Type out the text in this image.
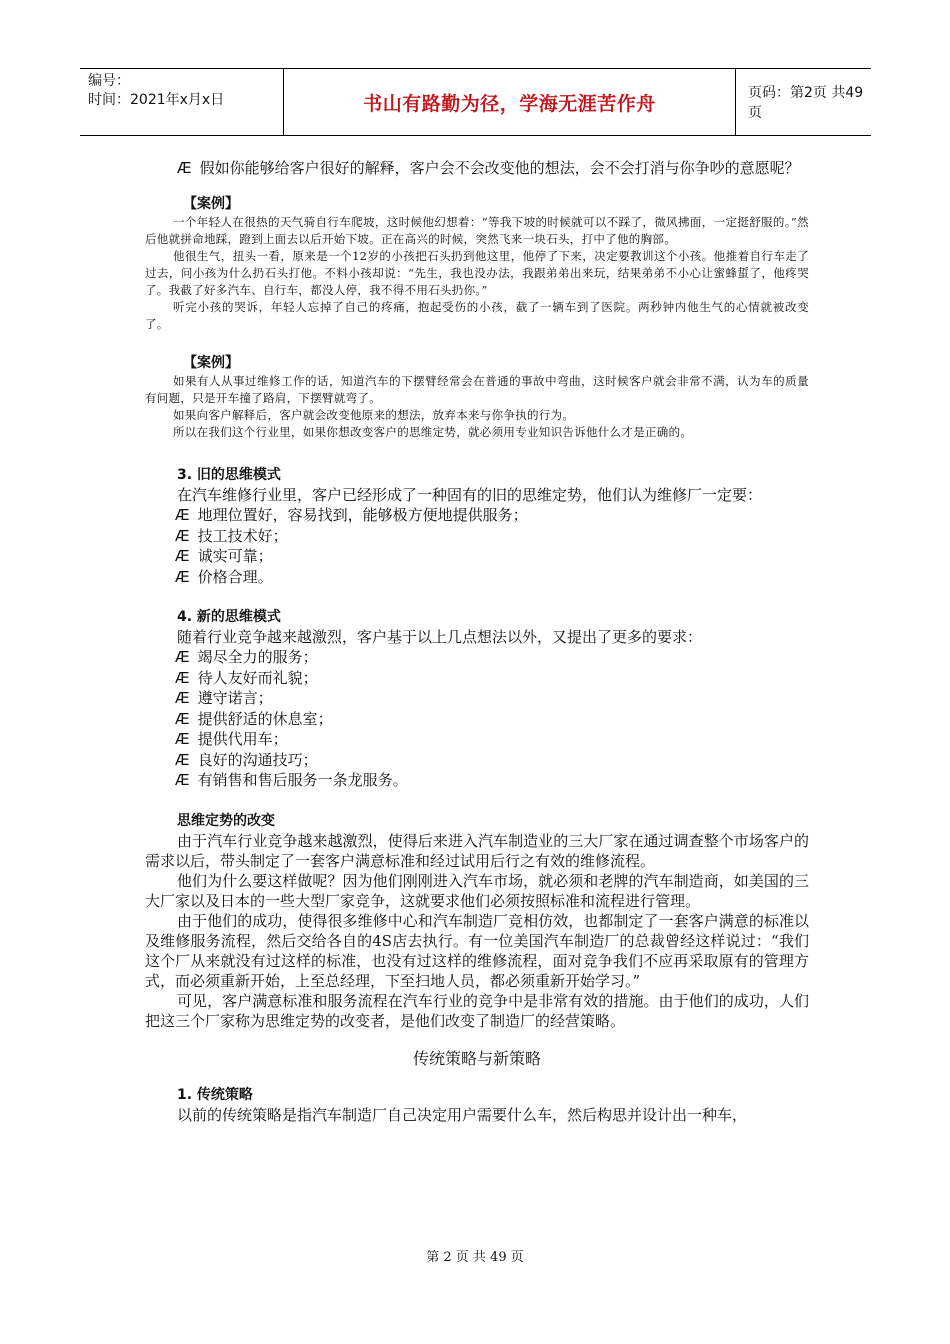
编号：
时间：2021年x月x日	书山有路勤为径，学海无涯苦作舟	页码：第2页 共49页

Æ 假如你能够给客户很好的解释，客户会不会改变他的想法，会不会打消与你争吵的意愿呢？

【案例】

一个年轻人在很热的天气骑自行车爬坡，这时候他幻想着：“等我下坡的时候就可以不踩了，微风拂面，一定挺舒服的。”然后他就拼命地踩，蹬到上面去以后开始下坡。正在高兴的时候，突然飞来一块石头，打中了他的胸部。

他很生气，扭头一看，原来是一个12岁的小孩把石头扔到他这里，他停了下来，决定要教训这个小孩。他推着自行车走了过去，问小孩为什么扔石头打他。不料小孩却说：“先生，我也没办法，我跟弟弟出来玩，结果弟弟不小心让蜜蜂蜇了，他疼哭了。我截了好多汽车、自行车，都没人停，我不得不用石头扔你。”

听完小孩的哭诉，年轻人忘掉了自己的疼痛，抱起受伤的小孩，截了一辆车到了医院。两秒钟内他生气的心情就被改变了。

【案例】

如果有人从事过维修工作的话，知道汽车的下摆臂经常会在普通的事故中弯曲，这时候客户就会非常不满，认为车的质量有问题，只是开车撞了路肩，下摆臂就弯了。

如果向客户解释后，客户就会改变他原来的想法，放弃本来与你争执的行为。

所以在我们这个行业里，如果你想改变客户的思维定势，就必须用专业知识告诉他什么才是正确的。

3. 旧的思维模式

在汽车维修行业里，客户已经形成了一种固有的旧的思维定势，他们认为维修厂一定要：

Æ 地理位置好，容易找到，能够极方便地提供服务；

Æ 技工技术好；

Æ 诚实可靠；

Æ 价格合理。

4. 新的思维模式

随着行业竞争越来越激烈，客户基于以上几点想法以外，又提出了更多的要求：

Æ 竭尽全力的服务；

Æ 待人友好而礼貌；

Æ 遵守诺言；

Æ 提供舒适的休息室；

Æ 提供代用车；

Æ 良好的沟通技巧；

Æ 有销售和售后服务一条龙服务。

思维定势的改变

由于汽车行业竞争越来越激烈，使得后来进入汽车制造业的三大厂家在通过调查整个市场客户的需求以后，带头制定了一套客户满意标准和经过试用后行之有效的维修流程。

他们为什么要这样做呢？因为他们刚刚进入汽车市场，就必须和老牌的汽车制造商，如美国的三大厂家以及日本的一些大型厂家竞争，这就要求他们必须按照标准和流程进行管理。

由于他们的成功，使得很多维修中心和汽车制造厂竞相仿效，也都制定了一套客户满意的标准以及维修服务流程，然后交给各自的4S店去执行。有一位美国汽车制造厂的总裁曾经这样说过：“我们这个厂从来就没有过这样的标准，也没有过这样的维修流程，面对竞争我们不应再采取原有的管理方式，而必须重新开始，上至总经理，下至扫地人员，都必须重新开始学习。”

可见，客户满意标准和服务流程在汽车行业的竞争中是非常有效的措施。由于他们的成功，人们把这三个厂家称为思维定势的改变者，是他们改变了制造厂的经营策略。

传统策略与新策略

1. 传统策略

以前的传统策略是指汽车制造厂自己决定用户需要什么车，然后构思并设计出一种车，

第 2 页 共 49 页
